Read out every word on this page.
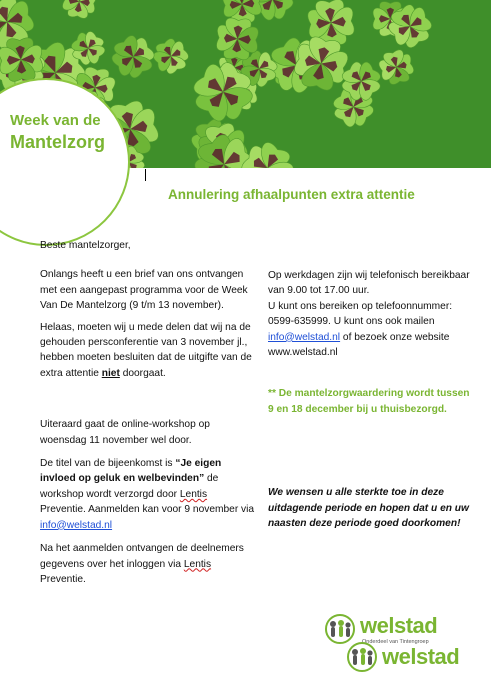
Week van de
Mantelzorg
Annulering afhaalpunten extra attentie

Beste mantelzorger,

Onlangs heeft u een brief van ons ontvangen met een aangepast programma voor de Week Van De Mantelzorg (9 t/m 13 november).

Helaas, moeten wij u mede delen dat wij na de gehouden persconferentie van 3 november jl., hebben moeten besluiten dat de uitgifte van de extra attentie niet doorgaat.

Uiteraard gaat de online-workshop op woensdag 11 november wel door.

De titel van de bijeenkomst is “Je eigen invloed op geluk en welbevinden” de workshop wordt verzorgd door Lentis Preventie. Aanmelden kan voor 9 november via info@welstad.nl

Na het aanmelden ontvangen de deelnemers gegevens over het inloggen via Lentis Preventie.

Op werkdagen zijn wij telefonisch bereikbaar van 9.00 tot 17.00 uur.

U kunt ons bereiken op telefoonnummer: 0599-635999. U kunt ons ook mailen info@welstad.nl of bezoek onze website www.welstad.nl

** De mantelzorgwaardering wordt tussen 9 en 18 december bij u thuisbezorgd.

We wensen u alle sterkte toe in deze uitdagende periode en hopen dat u en uw naasten deze periode goed doorkomen!

welstad
Onderdeel van Tintengroep
welstad
